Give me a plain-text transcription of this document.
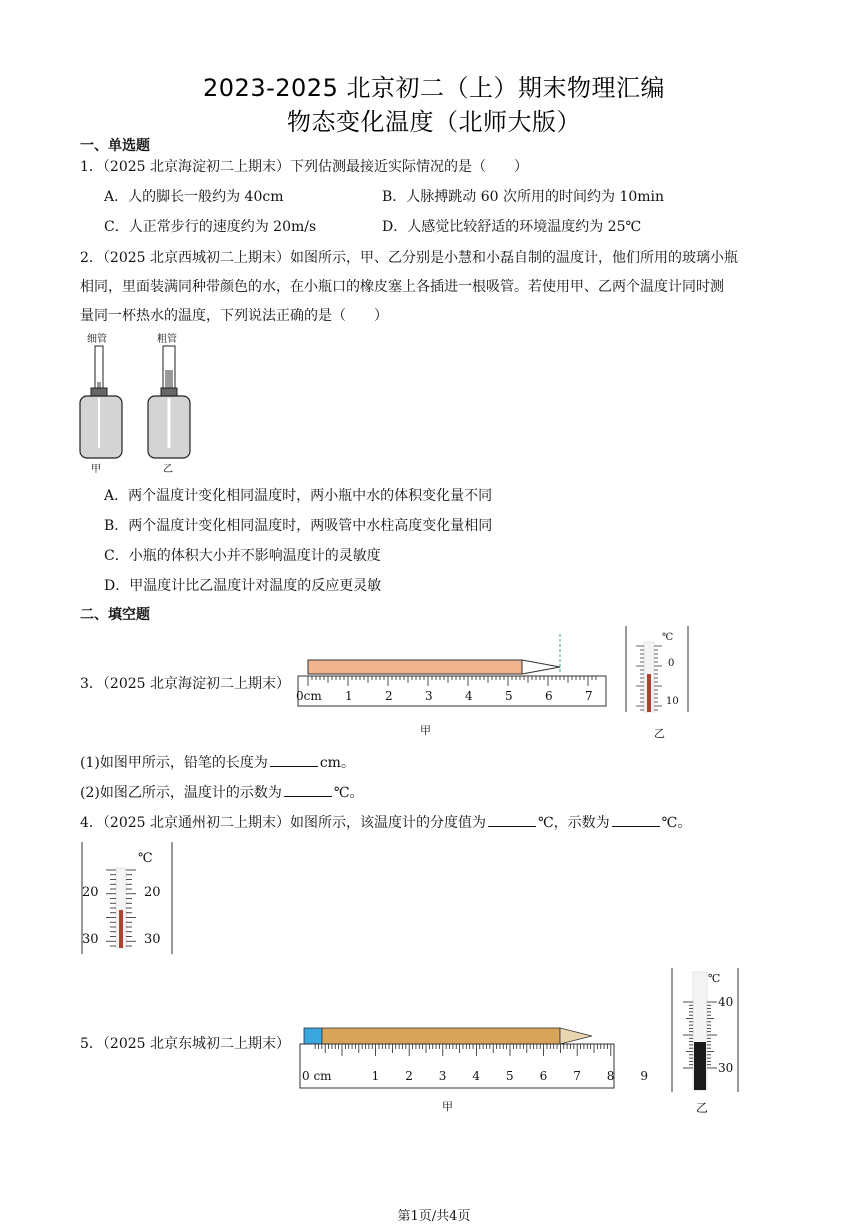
2023-2025 北京初二（上）期末物理汇编
物态变化温度（北师大版）
一、单选题
1．（2025 北京海淀初二上期末）下列估测最接近实际情况的是（　　）
A．人的脚长一般约为 40cm	B．人脉搏跳动 60 次所用的时间约为 10min
C．人正常步行的速度约为 20m/s	D．人感觉比较舒适的环境温度约为 25℃
2．（2025 北京西城初二上期末）如图所示，甲、乙分别是小慧和小磊自制的温度计，他们所用的玻璃小瓶
相同，里面装满同种带颜色的水，在小瓶口的橡皮塞上各插进一根吸管。若使用甲、乙两个温度计同时测
量同一杯热水的温度，下列说法正确的是（　　）
细管	粗管
甲	乙
A．两个温度计变化相同温度时，两小瓶中水的体积变化量不同
B．两个温度计变化相同温度时，两吸管中水柱高度变化量相同
C．小瓶的体积大小并不影响温度计的灵敏度
D．甲温度计比乙温度计对温度的反应更灵敏
二、填空题
3．（2025 北京海淀初二上期末）
0cm 1	2	3	4	5	6	7
甲
℃
0
10
乙
(1)如图甲所示，铅笔的长度为	cm。
(2)如图乙所示，温度计的示数为	℃。
4．（2025 北京通州初二上期末）如图所示，该温度计的分度值为	℃，示数为	℃。
℃
20
30
20
30
5．（2025 北京东城初二上期末）
0 cm	1 2 3 4 5 6 7 8 9
甲
℃
40
30
乙
第1页/共4页
